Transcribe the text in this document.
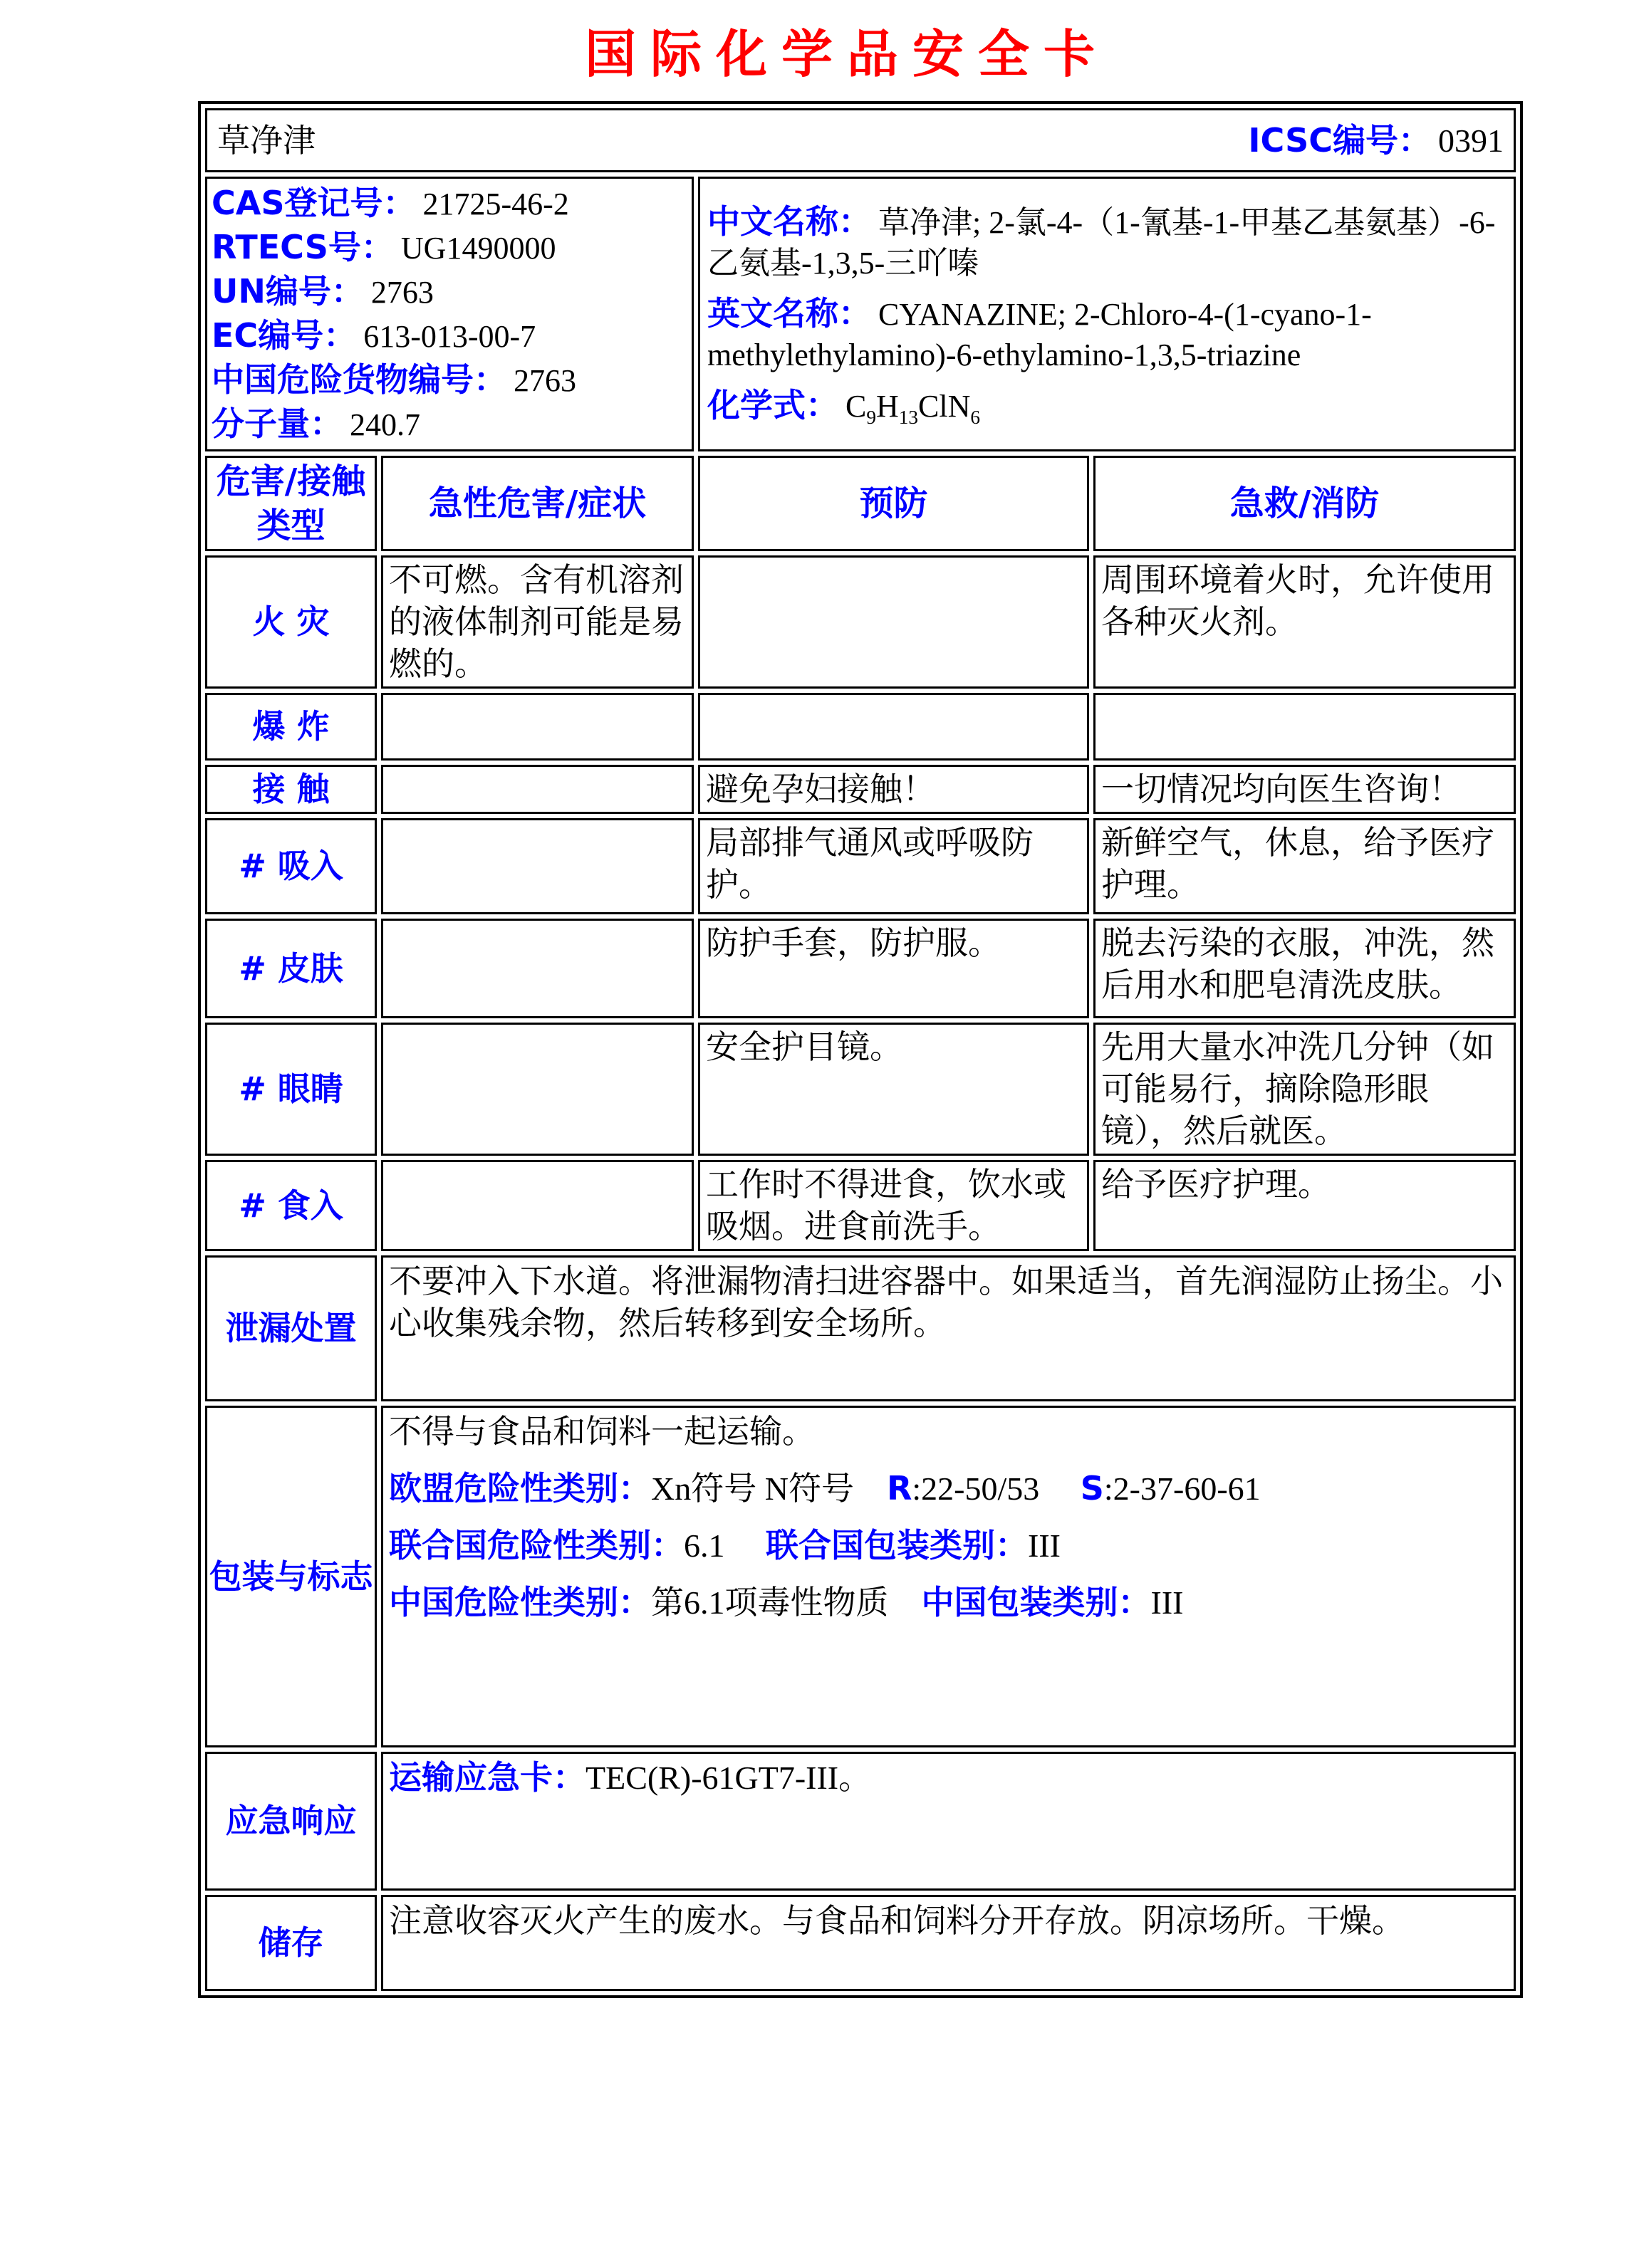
国际化学品安全卡
草净津 ICSC编号： 0391			

CAS登记号： 21725-46-2
RTECS号： UG1490000
UN编号： 2763
EC编号： 613-013-00-7
中国危险货物编号： 2763
分子量： 240.7

中文名称： 草净津; 2-氯-4-（1-氰基-1-甲基乙基氨基）-6-乙氨基-1,3,5-三吖嗪
英文名称： CYANAZINE; 2-Chloro-4-(1-cyano-1-methylethylamino)-6-ethylamino-1,3,5-triazine
化学式： $C_9H_{13}ClN_6$

危害/接触类型	急性危害/症状	预防	急救/消防
火 灾	不可燃。含有机溶剂的液体制剂可能是易燃的。		周围环境着火时，允许使用各种灭火剂。
爆 炸			
接 触		避免孕妇接触！	一切情况均向医生咨询！
# 吸入		局部排气通风或呼吸防护。	新鲜空气，休息，给予医疗护理。
# 皮肤		防护手套，防护服。	脱去污染的衣服，冲洗，然后用水和肥皂清洗皮肤。
# 眼睛		安全护目镜。	先用大量水冲洗几分钟（如可能易行，摘除隐形眼镜），然后就医。
# 食入		工作时不得进食，饮水或吸烟。进食前洗手。	给予医疗护理。
泄漏处置	不要冲入下水道。将泄漏物清扫进容器中。如果适当，首先润湿防止扬尘。小心收集残余物，然后转移到安全场所。		

包装与标志	不得与食品和饲料一起运输。
欧盟危险性类别：Xn符号 N符号　R:22-50/53　 S:2-37-60-61
联合国危险性类别：6.1　 联合国包装类别：III
中国危险性类别：第6.1项毒性物质　中国包装类别：III		

应急响应	运输应急卡：TEC(R)-61GT7-III。		

储存	注意收容灭火产生的废水。与食品和饲料分开存放。阴凉场所。干燥。		
